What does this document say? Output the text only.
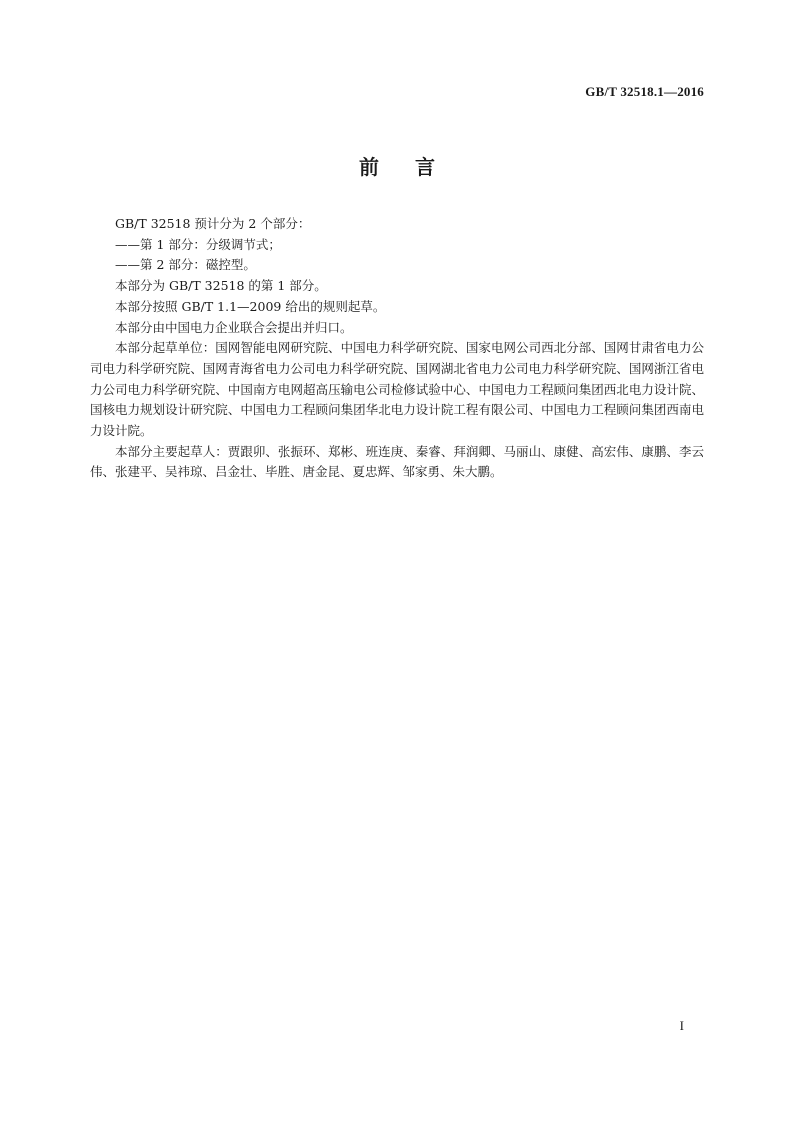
GB/T 32518.1—2016
前言

GB/T 32518 预计分为 2 个部分：

——第 1 部分：分级调节式；

——第 2 部分：磁控型。

本部分为 GB/T 32518 的第 1 部分。

本部分按照 GB/T 1.1—2009 给出的规则起草。

本部分由中国电力企业联合会提出并归口。

本部分起草单位：国网智能电网研究院、中国电力科学研究院、国家电网公司西北分部、国网甘肃省电力公司电力科学研究院、国网青海省电力公司电力科学研究院、国网湖北省电力公司电力科学研究院、国网浙江省电力公司电力科学研究院、中国南方电网超高压输电公司检修试验中心、中国电力工程顾问集团西北电力设计院、国核电力规划设计研究院、中国电力工程顾问集团华北电力设计院工程有限公司、中国电力工程顾问集团西南电力设计院。

本部分主要起草人：贾跟卯、张振环、郑彬、班连庚、秦睿、拜润卿、马丽山、康健、高宏伟、康鹏、李云伟、张建平、吴祎琼、吕金壮、毕胜、唐金昆、夏忠辉、邹家勇、朱大鹏。

I
